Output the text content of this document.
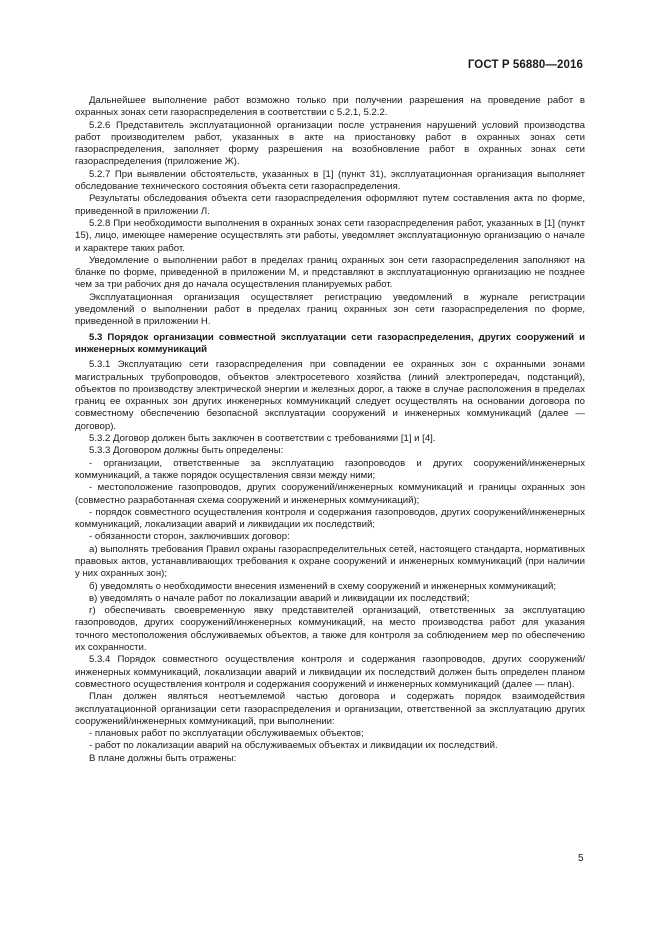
ГОСТ Р 56880—2016

Дальнейшее выполнение работ возможно только при получении разрешения на проведение работ в охранных зонах сети газораспределения в соответствии с 5.2.1, 5.2.2.

5.2.6 Представитель эксплуатационной организации после устранения нарушений условий производства работ производителем работ, указанных в акте на приостановку работ в охранных зонах сети газораспределения, заполняет форму разрешения на возобновление работ в охранных зонах сети газораспределения (приложение Ж).

5.2.7 При выявлении обстоятельств, указанных в [1] (пункт 31), эксплуатационная организация выполняет обследование технического состояния объекта сети газораспределения.

Результаты обследования объекта сети газораспределения оформляют путем составления акта по форме, приведенной в приложении Л.

5.2.8 При необходимости выполнения в охранных зонах сети газораспределения работ, указанных в [1] (пункт 15), лицо, имеющее намерение осуществлять эти работы, уведомляет эксплуатационную организацию о начале и характере таких работ.

Уведомление о выполнении работ в пределах границ охранных зон сети газораспределения заполняют на бланке по форме, приведенной в приложении М, и представляют в эксплуатационную организацию не позднее чем за три рабочих дня до начала осуществления планируемых работ.

Эксплуатационная организация осуществляет регистрацию уведомлений в журнале регистрации уведомлений о выполнении работ в пределах границ охранных зон сети газораспределения по форме, приведенной в приложении Н.

5.3 Порядок организации совместной эксплуатации сети газораспределения, других сооружений и инженерных коммуникаций

5.3.1 Эксплуатацию сети газораспределения при совпадении ее охранных зон с охранными зонами магистральных трубопроводов, объектов электросетевого хозяйства (линий электропередач, подстанций), объектов по производству электрической энергии и железных дорог, а также в случае расположения в пределах границ ее охранных зон других инженерных коммуникаций следует осуществлять на основании договора по совместному обеспечению безопасной эксплуатации сооружений и инженерных коммуникаций (далее — договор).

5.3.2 Договор должен быть заключен в соответствии с требованиями [1] и [4].

5.3.3 Договором должны быть определены:

- организации, ответственные за эксплуатацию газопроводов и других сооружений/инженерных коммуникаций, а также порядок осуществления связи между ними;

- местоположение газопроводов, других сооружений/инженерных коммуникаций и границы охранных зон (совместно разработанная схема сооружений и инженерных коммуникаций);

- порядок совместного осуществления контроля и содержания газопроводов, других сооружений/инженерных коммуникаций, локализации аварий и ликвидации их последствий;

- обязанности сторон, заключивших договор:

а) выполнять требования Правил охраны газораспределительных сетей, настоящего стандарта, нормативных правовых актов, устанавливающих требования к охране сооружений и инженерных коммуникаций (при наличии у них охранных зон);

б) уведомлять о необходимости внесения изменений в схему сооружений и инженерных коммуникаций;

в) уведомлять о начале работ по локализации аварий и ликвидации их последствий;

г) обеспечивать своевременную явку представителей организаций, ответственных за эксплуатацию газопроводов, других сооружений/инженерных коммуникаций, на место производства работ для указания точного местоположения обслуживаемых объектов, а также для контроля за соблюдением мер по обеспечению их сохранности.

5.3.4 Порядок совместного осуществления контроля и содержания газопроводов, других сооружений/инженерных коммуникаций, локализации аварий и ликвидации их последствий должен быть определен планом совместного осуществления контроля и содержания сооружений и инженерных коммуникаций (далее — план).

План должен являться неотъемлемой частью договора и содержать порядок взаимодействия эксплуатационной организации сети газораспределения и организации, ответственной за эксплуатацию других сооружений/инженерных коммуникаций, при выполнении:

- плановых работ по эксплуатации обслуживаемых объектов;

- работ по локализации аварий на обслуживаемых объектах и ликвидации их последствий.

В плане должны быть отражены:

5
